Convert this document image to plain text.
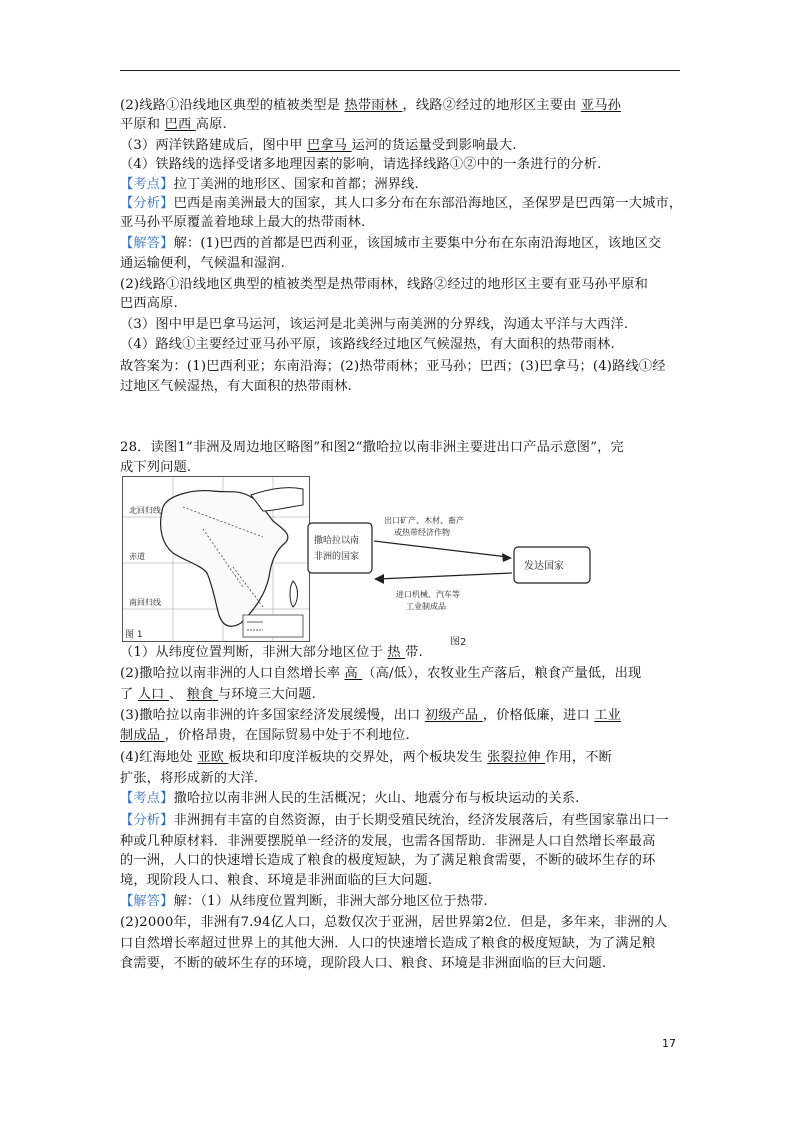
(2)线路①沿线地区典型的植被类型是 热带雨林 ，线路②经过的地形区主要由 亚马孙
平原和 巴西 高原.
（3）两洋铁路建成后，图中甲 巴拿马 运河的货运量受到影响最大.
（4）铁路线的选择受诸多地理因素的影响，请选择线路①②中的一条进行的分析.
【考点】拉丁美洲的地形区、国家和首都；洲界线.
【分析】巴西是南美洲最大的国家，其人口多分布在东部沿海地区，圣保罗是巴西第一大城市，
亚马孙平原覆盖着地球上最大的热带雨林.
【解答】解：(1)巴西的首都是巴西利亚，该国城市主要集中分布在东南沿海地区，该地区交
通运输便利，气候温和湿润.
(2)线路①沿线地区典型的植被类型是热带雨林，线路②经过的地形区主要有亚马孙平原和
巴西高原.
（3）图中甲是巴拿马运河，该运河是北美洲与南美洲的分界线，沟通太平洋与大西洋.
（4）路线①主要经过亚马孙平原，该路线经过地区气候湿热，有大面积的热带雨林.
故答案为：(1)巴西利亚；东南沿海；(2)热带雨林；亚马孙；巴西；(3)巴拿马；(4)路线①经
过地区气候湿热，有大面积的热带雨林.
28．读图1“非洲及周边地区略图”和图2“撒哈拉以南非洲主要进出口产品示意图”，完
成下列问题.
（1）从纬度位置判断，非洲大部分地区位于 热 带.
(2)撒哈拉以南非洲的人口自然增长率 高 （高/低），农牧业生产落后，粮食产量低，出现
了 人口 、 粮食 与环境三大问题.
(3)撒哈拉以南非洲的许多国家经济发展缓慢，出口 初级产品 ，价格低廉，进口 工业
制成品 ，价格昂贵，在国际贸易中处于不利地位.
(4)红海地处 亚欧 板块和印度洋板块的交界处，两个板块发生 张裂拉伸 作用，不断
扩张，将形成新的大洋.
【考点】撒哈拉以南非洲人民的生活概况；火山、地震分布与板块运动的关系.
【分析】非洲拥有丰富的自然资源，由于长期受殖民统治，经济发展落后，有些国家靠出口一
种或几种原材料．非洲要摆脱单一经济的发展，也需各国帮助．非洲是人口自然增长率最高
的一洲，人口的快速增长造成了粮食的极度短缺，为了满足粮食需要，不断的破坏生存的环
境，现阶段人口、粮食、环境是非洲面临的巨大问题.
【解答】解：（1）从纬度位置判断，非洲大部分地区位于热带.
(2)2000年，非洲有7.94亿人口，总数仅次于亚洲，居世界第2位．但是，多年来，非洲的人
口自然增长率超过世界上的其他大洲．人口的快速增长造成了粮食的极度短缺，为了满足粮
食需要，不断的破坏生存的环境，现阶段人口、粮食、环境是非洲面临的巨大问题.
北回归线
赤道
南回归线
图 1
撒哈拉以南
非洲的国家
发达国家
出口矿产、木材、畜产
或热带经济作物
进口机械、汽车等
工业制成品
图2
17
